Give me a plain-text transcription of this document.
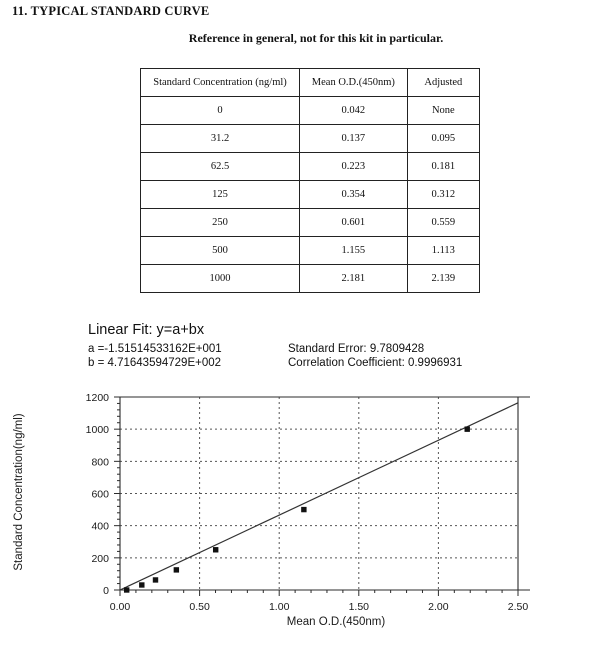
11. TYPICAL STANDARD CURVE
Reference in general, not for this kit in particular.
Standard Concentration (ng/ml)	Mean O.D.(450nm)	Adjusted
0	0.042	None
31.2	0.137	0.095
62.5	0.223	0.181
125	0.354	0.312
250	0.601	0.559
500	1.155	1.113
1000	2.181	2.139
Linear Fit: y=a+bx
a =-1.51514533162E+001
b = 4.71643594729E+002
Standard Error: 9.7809428
Correlation Coefficient: 0.9996931
0
200
400
600
800
1000
1200
0.00	0.50	1.00	1.50	2.00	2.50
Mean O.D.(450nm)
Standard Concentration(ng/ml)
